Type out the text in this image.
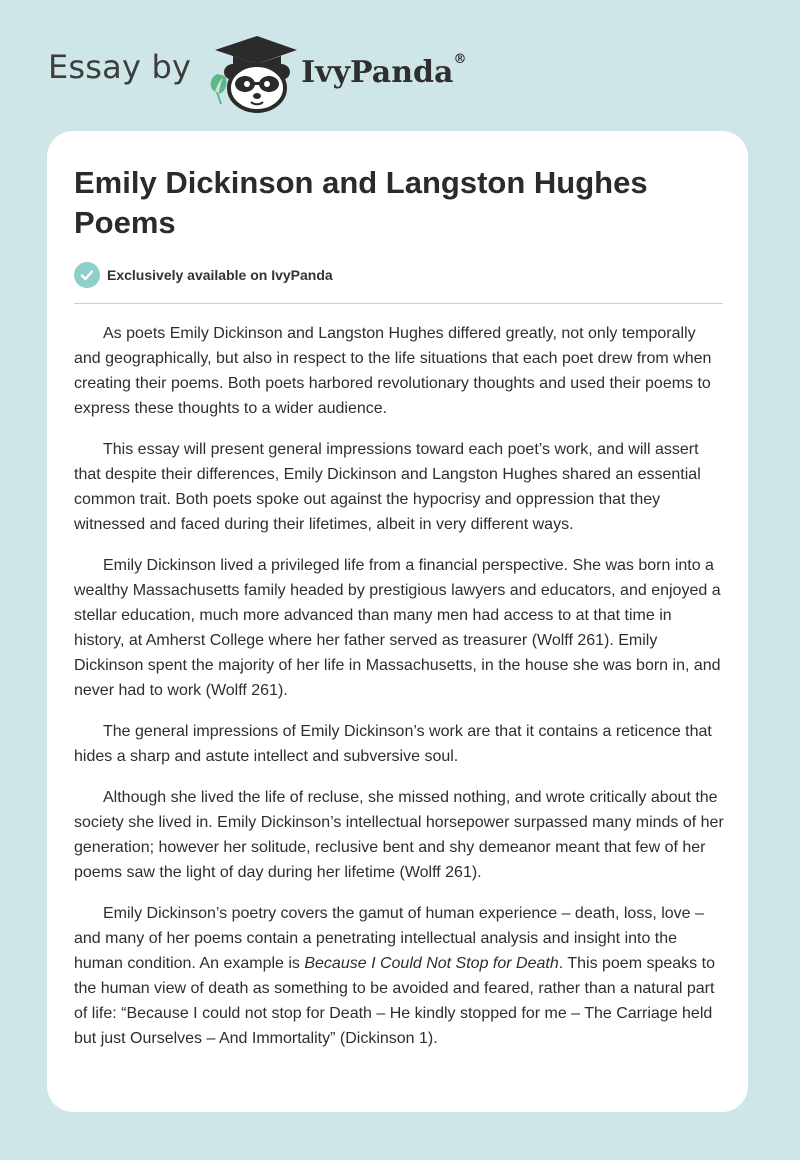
Essay by	IvyPanda®
Emily Dickinson and Langston Hughes Poems
Exclusively available on IvyPanda

As poets Emily Dickinson and Langston Hughes differed greatly, not only temporally and geographically, but also in respect to the life situations that each poet drew from when creating their poems. Both poets harbored revolutionary thoughts and used their poems to express these thoughts to a wider audience.

This essay will present general impressions toward each poet’s work, and will assert that despite their differences, Emily Dickinson and Langston Hughes shared an essential common trait. Both poets spoke out against the hypocrisy and oppression that they witnessed and faced during their lifetimes, albeit in very different ways.

Emily Dickinson lived a privileged life from a financial perspective. She was born into a wealthy Massachusetts family headed by prestigious lawyers and educators, and enjoyed a stellar education, much more advanced than many men had access to at that time in history, at Amherst College where her father served as treasurer (Wolff 261). Emily Dickinson spent the majority of her life in Massachusetts, in the house she was born in, and never had to work (Wolff 261).

The general impressions of Emily Dickinson’s work are that it contains a reticence that hides a sharp and astute intellect and subversive soul.

Although she lived the life of recluse, she missed nothing, and wrote critically about the society she lived in. Emily Dickinson’s intellectual horsepower surpassed many minds of her generation; however her solitude, reclusive bent and shy demeanor meant that few of her poems saw the light of day during her lifetime (Wolff 261).

Emily Dickinson’s poetry covers the gamut of human experience – death, loss, love – and many of her poems contain a penetrating intellectual analysis and insight into the human condition. An example is Because I Could Not Stop for Death. This poem speaks to the human view of death as something to be avoided and feared, rather than a natural part of life: “Because I could not stop for Death – He kindly stopped for me – The Carriage held but just Ourselves – And Immortality” (Dickinson 1).
